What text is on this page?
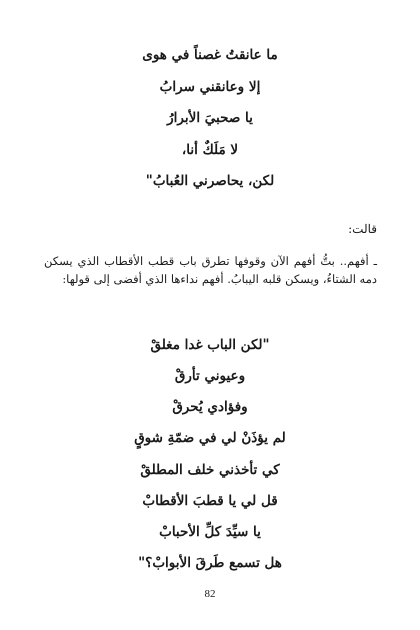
ما عانقتُ غصناً في هوى

إلا وعانقني سرابُ

يا صحبيَ الأبرارُ

لا مَلَكٌ أنا،

لكن، يحاصرني العُبابُ"

قالت:

ـ أفهم.. بتُّ أفهم الآن وقوفها تطرق باب قطب الأقطاب الذي يسكن دمه الشتاءُ، ويسكن قلبه اليبابُ. أفهم نداءها الذي أفضى إلى قولها:

"لكن الباب غدا مغلقْ

وعيوني تأرقْ

وفؤادي يُحرقْ

لم يؤذَنْ لي في ضمّةِ شوقٍ

كي تأخذني خلف المطلقْ

قل لي يا قطبَ الأقطابْ

يا سيِّدَ كلِّ الأحبابْ

هل تسمع طَرقَ الأبوابْ؟"

82
